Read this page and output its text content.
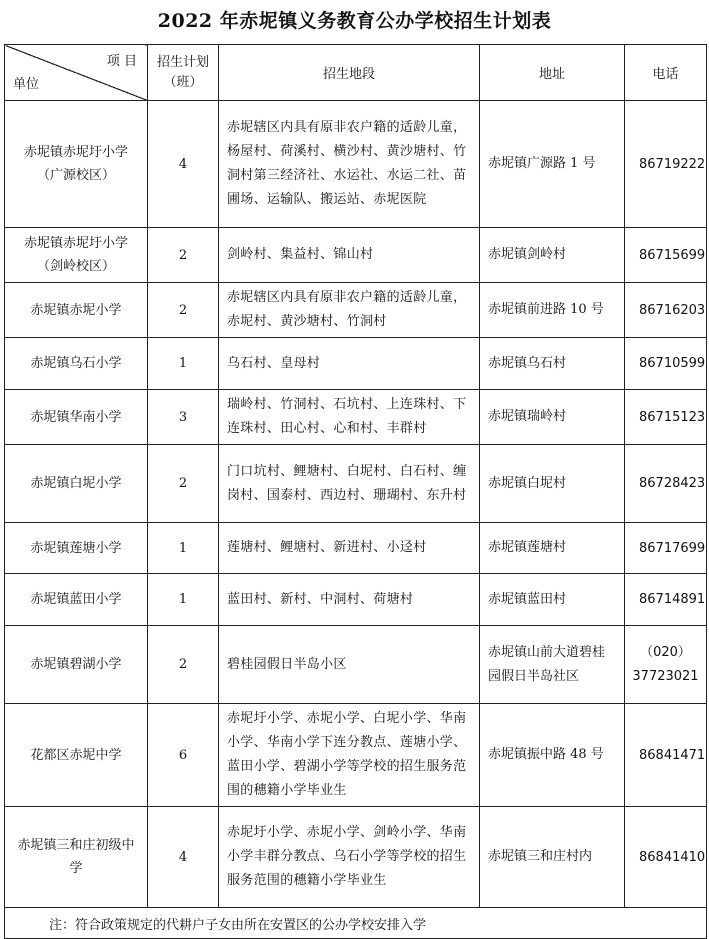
2022 年赤坭镇义务教育公办学校招生计划表
项 目
单位	招生计划（班）	招生地段	地址	电话
赤坭镇赤坭圩小学（广源校区）	4	赤坭辖区内具有原非农户籍的适龄儿童，杨屋村、荷溪村、横沙村、黄沙塘村、竹洞村第三经济社、水运社、水运二社、苗圃场、运输队、搬运站、赤坭医院	赤坭镇广源路 1 号	86719222
赤坭镇赤坭圩小学（剑岭校区）	2	剑岭村、集益村、锦山村	赤坭镇剑岭村	86715699
赤坭镇赤坭小学	2	赤坭辖区内具有原非农户籍的适龄儿童，赤坭村、黄沙塘村、竹洞村	赤坭镇前进路 10 号	86716203
赤坭镇乌石小学	1	乌石村、皇母村	赤坭镇乌石村	86710599
赤坭镇华南小学	3	瑞岭村、竹洞村、石坑村、上连珠村、下连珠村、田心村、心和村、丰群村	赤坭镇瑞岭村	86715123
赤坭镇白坭小学	2	门口坑村、鲤塘村、白坭村、白石村、缠岗村、国泰村、西边村、珊瑚村、东升村	赤坭镇白坭村	86728423
赤坭镇莲塘小学	1	莲塘村、鲤塘村、新进村、小迳村	赤坭镇莲塘村	86717699
赤坭镇蓝田小学	1	蓝田村、新村、中洞村、荷塘村	赤坭镇蓝田村	86714891
赤坭镇碧湖小学	2	碧桂园假日半岛小区	赤坭镇山前大道碧桂园假日半岛社区	（020）37723021
花都区赤坭中学	6	赤坭圩小学、赤坭小学、白坭小学、华南小学、华南小学下连分教点、莲塘小学、蓝田小学、碧湖小学等学校的招生服务范围的穗籍小学毕业生	赤坭镇振中路 48 号	86841471
赤坭镇三和庄初级中学	4	赤坭圩小学、赤坭小学、剑岭小学、华南小学丰群分教点、乌石小学等学校的招生服务范围的穗籍小学毕业生	赤坭镇三和庄村内	86841410
注：符合政策规定的代耕户子女由所在安置区的公办学校安排入学				
